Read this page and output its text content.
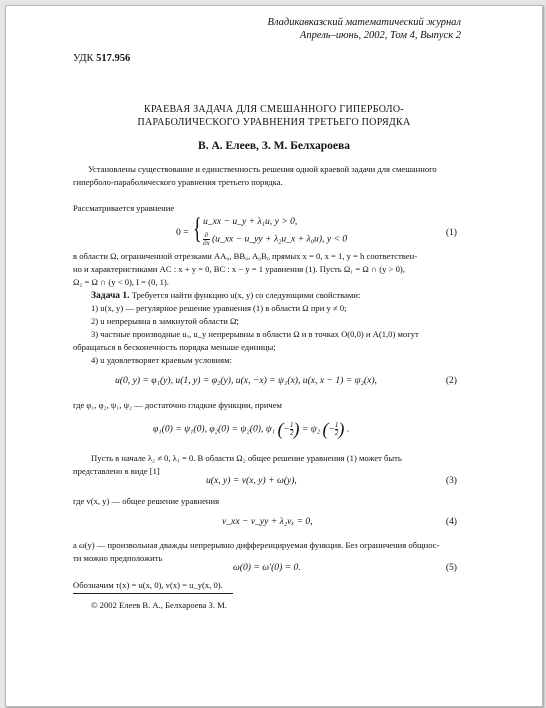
Владикавказский математический журнал
Апрель–июнь, 2002, Том 4, Выпуск 2
УДК 517.956
КРАЕВАЯ ЗАДАЧА ДЛЯ СМЕШАННОГО ГИПЕРБОЛО-
ПАРАБОЛИЧЕСКОГО УРАВНЕНИЯ ТРЕТЬЕГО ПОРЯДКА
В. А. Елеев, З. М. Белхароева
Установлены существование и единственность решения одной краевой задачи для смешанного
гиперболо-параболического уравнения третьего порядка.
Рассматривается уравнение
0 = { u_xx − u_y + λ₁u, y > 0,
$\frac{\partial}{\partial x}$ (u_xx − u_yy + λ₂u_x + λ₀u), y < 0
(1)
в области Ω, ограниченной отрезками AA₀, BB₀, A₀B₀ прямых x = 0, x = 1, y = h соответствен-
но и характеристиками AC : x + y = 0, BC : x − y = 1 уравнения (1). Пусть Ω₁ = Ω ∩ (y > 0),
Ω₂ = Ω ∩ (y < 0), I = (0, 1).
Задача 1. Требуется найти функцию u(x, y) со следующими свойствами:
1) u(x, y) — регулярное решение уравнения (1) в области Ω при y ≠ 0;
2) u непрерывна в замкнутой области Ω̄;
3) частные производные uₓ, u_y непрерывны в области Ω и в точках O(0,0) и A(1,0) могут
обращаться в бесконечность порядка меньше единицы;
4) u удовлетворяет краевым условиям:
u(0, y) = φ₁(y), u(1, y) = φ₂(y), u(x, −x) = ψ₁(x), u(x, x − 1) = ψ₂(x),	(2)
где φ₁, φ₂, ψ₁, ψ₂ — достаточно гладкие функции, причем
φ₁(0) = ψ₁(0), φ₂(0) = ψ₂(0), ψ₁ (− $\frac{1}{2}$ ) = ψ₂ (− $\frac{1}{2}$ ) .
Пусть в начале λ₂ ≠ 0, λ₁ = 0. В области Ω₂ общее решение уравнения (1) может быть
представлено в виде [1]
u(x, y) = v(x, y) + ω(y),	(3)
где v(x, y) — общее решение уравнения
v_xx − v_yy + λ₂vₓ = 0,	(4)
а ω(y) — произвольная дважды непрерывно дифференцируемая функция. Без ограничения общнос-
ти можно предположить
ω(0) = ω′(0) = 0.	(5)
Обозначим τ(x) = u(x, 0), v(x) = u_y(x, 0).
© 2002 Елеев В. А., Белхароева З. М.
